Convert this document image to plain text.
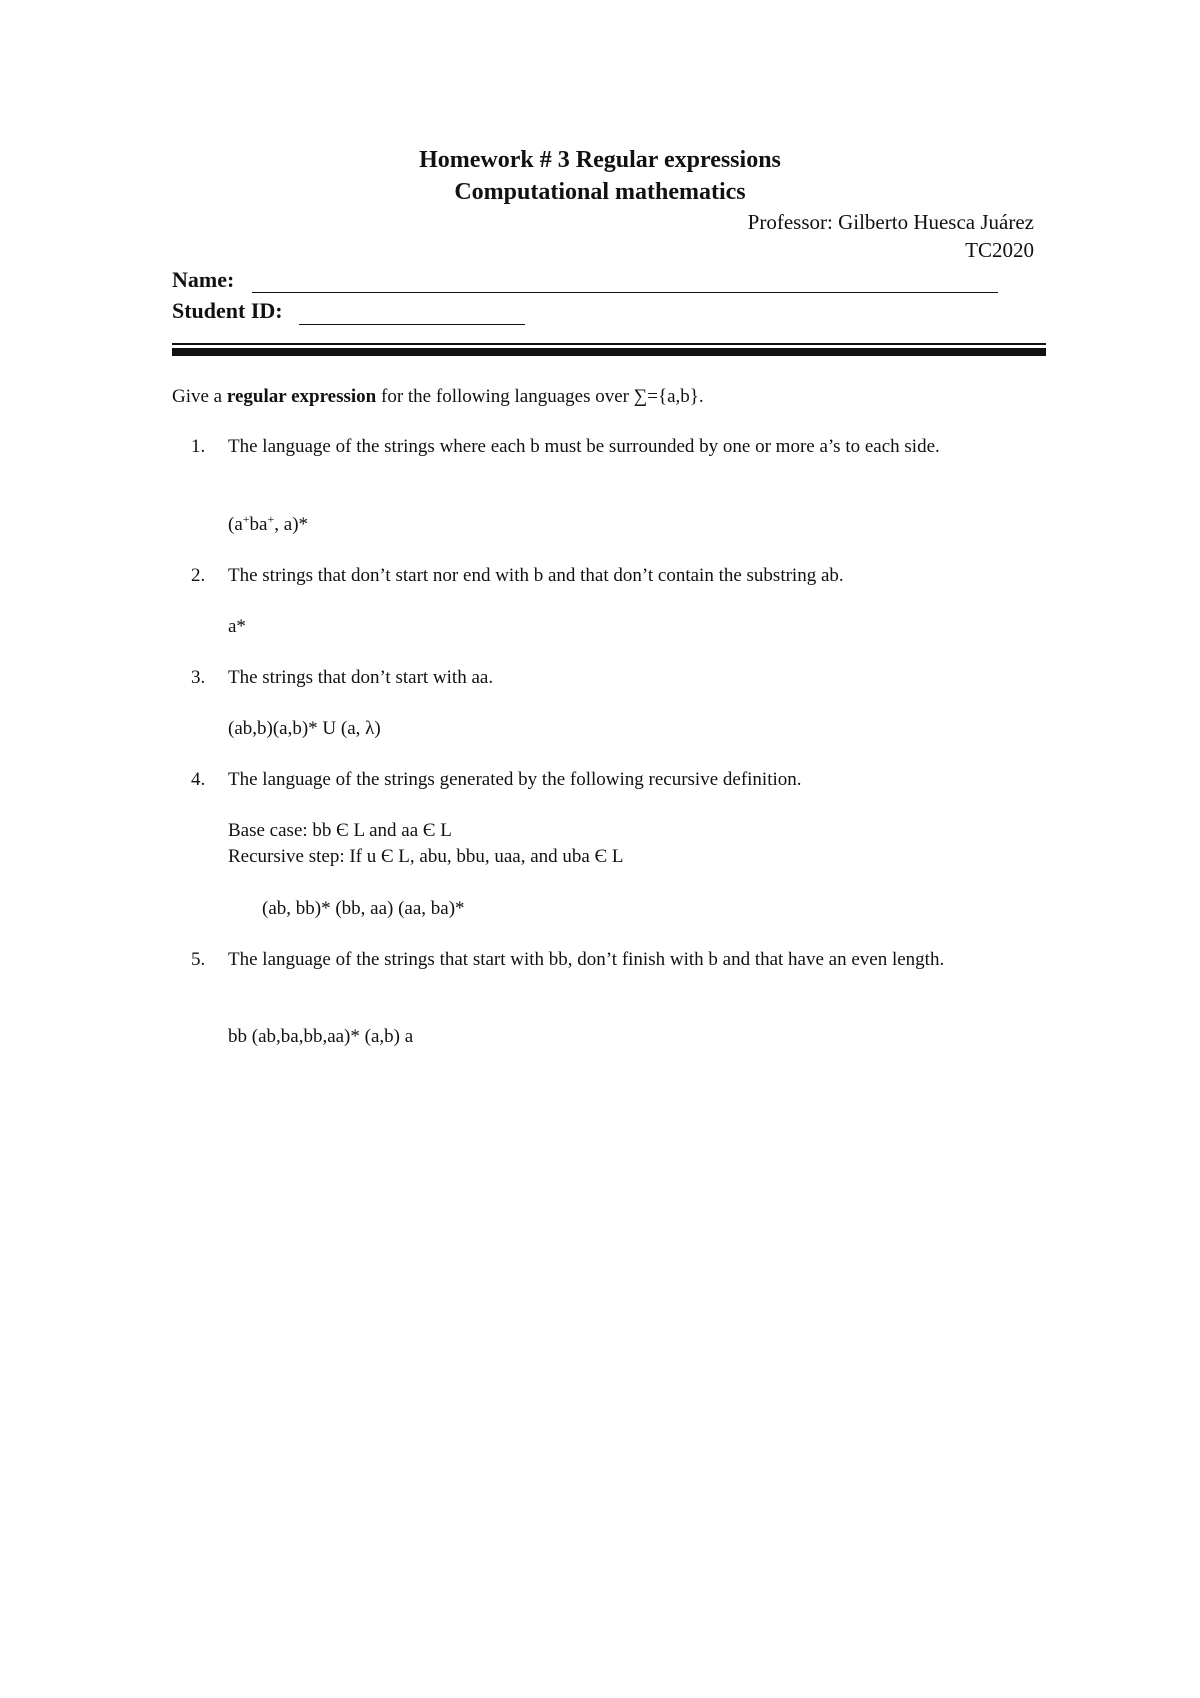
Homework # 3 Regular expressions
Computational mathematics
Professor: Gilberto Huesca Juárez
TC2020
Name:
Student ID:
Give a regular expression for the following languages over ∑={a,b}.
1.	The language of the strings where each b must be surrounded by one or more a’s to each side.
(a+ba+, a)*
2.	The strings that don’t start nor end with b and that don’t contain the substring ab.
a*
3.	The strings that don’t start with aa.
(ab,b)(a,b)* U (a, λ)
4.	The language of the strings generated by the following recursive definition.
Base case: bb Є L and aa Є L
Recursive step: If u Є L, abu, bbu, uaa, and uba Є L
(ab, bb)* (bb, aa) (aa, ba)*
5.	The language of the strings that start with bb, don’t finish with b and that have an even length.
bb (ab,ba,bb,aa)* (a,b) a
